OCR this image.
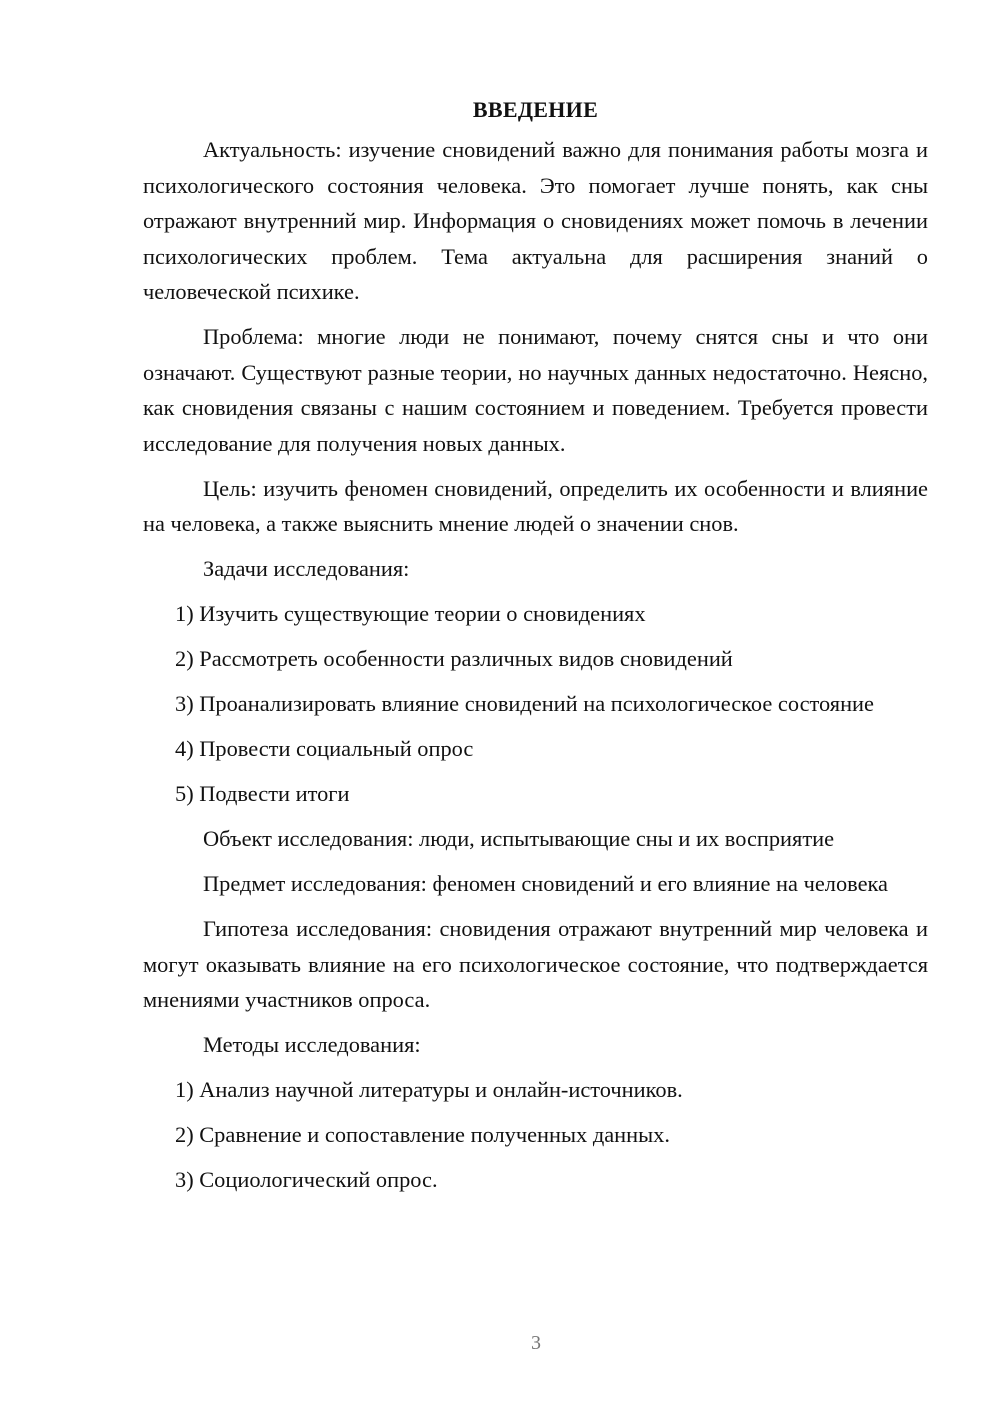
ВВЕДЕНИЕ

Актуальность: изучение сновидений важно для понимания работы мозга и психологического состояния человека. Это помогает лучше понять, как сны отражают внутренний мир. Информация о сновидениях может помочь в лечении психологических проблем. Тема актуальна для расширения знаний о человеческой психике.

Проблема: многие люди не понимают, почему снятся сны и что они означают. Существуют разные теории, но научных данных недостаточно. Неясно, как сновидения связаны с нашим состоянием и поведением. Требуется провести исследование для получения новых данных.

Цель: изучить феномен сновидений, определить их особенности и влияние на человека, а также выяснить мнение людей о значении снов.

Задачи исследования:

1) Изучить существующие теории о сновидениях

2) Рассмотреть особенности различных видов сновидений

3) Проанализировать влияние сновидений на психологическое состояние

4) Провести социальный опрос

5) Подвести итоги

Объект исследования: люди, испытывающие сны и их восприятие

Предмет исследования: феномен сновидений и его влияние на человека

Гипотеза исследования: сновидения отражают внутренний мир человека и могут оказывать влияние на его психологическое состояние, что подтверждается мнениями участников опроса.

Методы исследования:

1) Анализ научной литературы и онлайн-источников.

2) Сравнение и сопоставление полученных данных.

3) Социологический опрос.

3
